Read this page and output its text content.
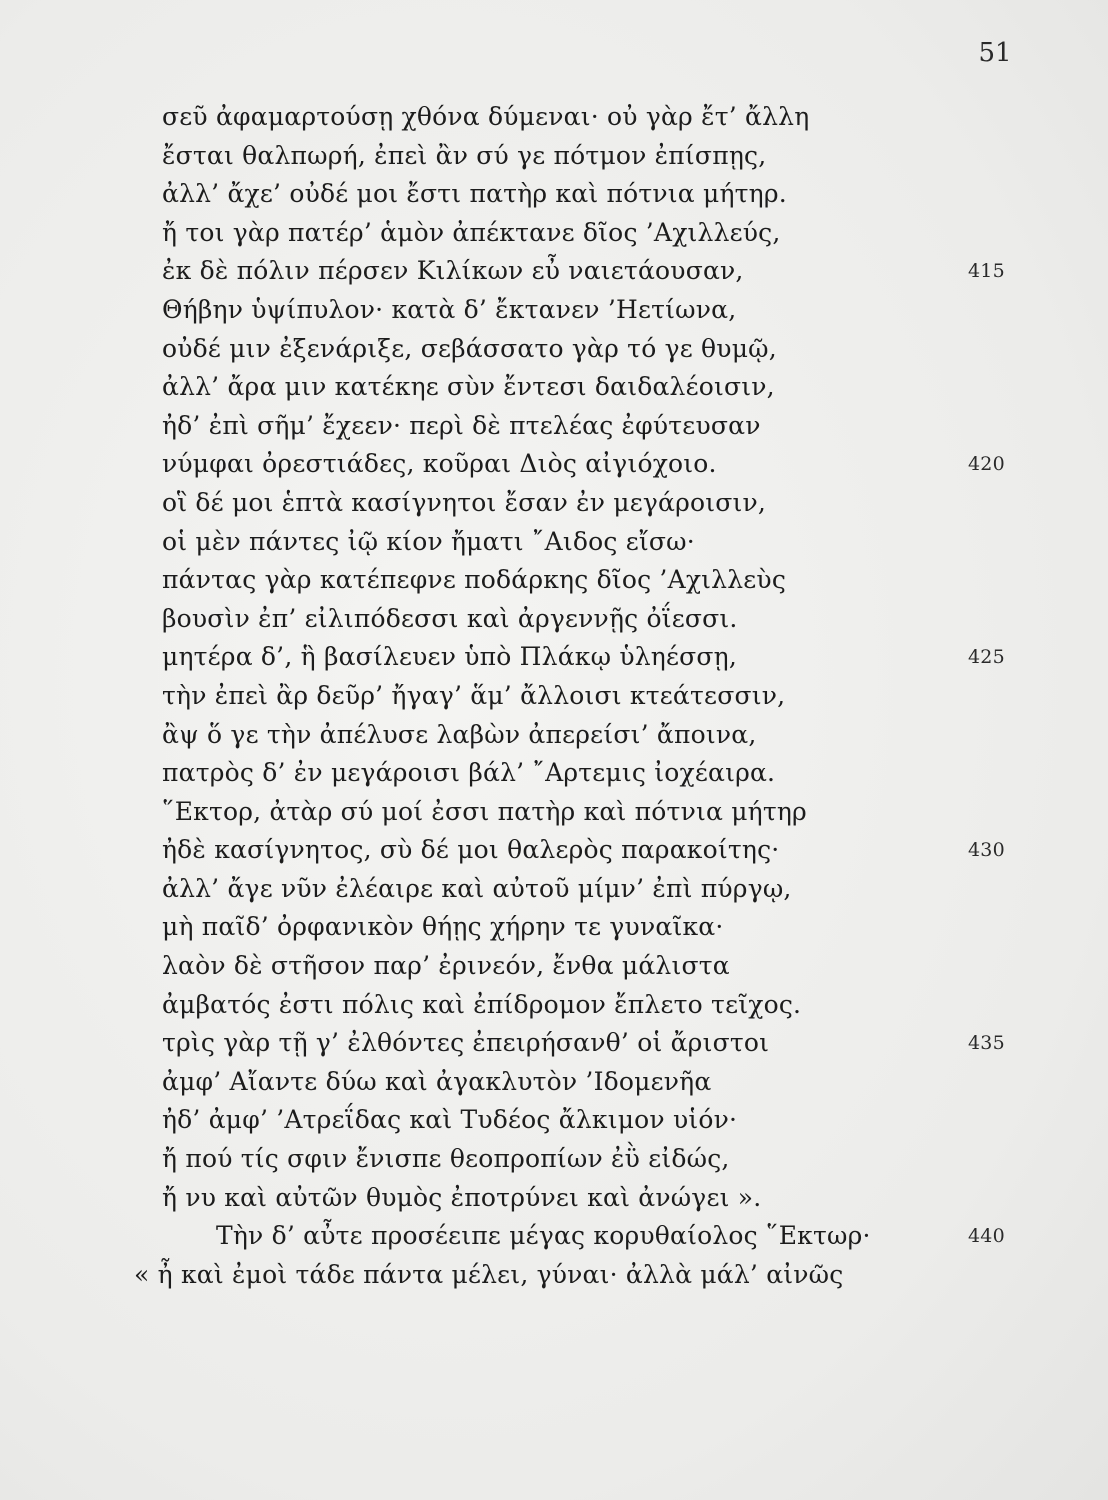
51
σεῦ ἀφαμαρτούσῃ χθόνα δύμεναι· οὐ γὰρ ἔτ’ ἄλλη
ἔσται θαλπωρή, ἐπεὶ ἂν σύ γε πότμον ἐπίσπῃς,
ἀλλ’ ἄχε’ οὐδέ μοι ἔστι πατὴρ καὶ πότνια μήτηρ.
ἤ τοι γὰρ πατέρ’ ἁμὸν ἀπέκτανε δῖος ’Αχιλλεύς,
ἐκ δὲ πόλιν πέρσεν Κιλίκων εὖ ναιετάουσαν,	415
Θήβην ὑψίπυλον· κατὰ δ’ ἔκτανεν ’Ηετίωνα,
οὐδέ μιν ἐξενάριξε, σεβάσσατο γὰρ τό γε θυμῷ,
ἀλλ’ ἄρα μιν κατέκηε σὺν ἔντεσι δαιδαλέοισιν,
ἠδ’ ἐπὶ σῆμ’ ἔχεεν· περὶ δὲ πτελέας ἐφύτευσαν
νύμφαι ὀρεστιάδες, κοῦραι Διὸς αἰγιόχοιο.	420
οἳ δέ μοι ἑπτὰ κασίγνητοι ἔσαν ἐν μεγάροισιν,
οἱ μὲν πάντες ἰῷ κίον ἤματι ῎Αιδος εἴσω·
πάντας γὰρ κατέπεφνε ποδάρκης δῖος ’Αχιλλεὺς
βουσὶν ἐπ’ εἰλιπόδεσσι καὶ ἀργεννῇς ὀΐεσσι.
μητέρα δ’, ἣ βασίλευεν ὑπὸ Πλάκῳ ὑληέσσῃ,	425
τὴν ἐπεὶ ἂρ δεῦρ’ ἤγαγ’ ἅμ’ ἄλλοισι κτεάτεσσιν,
ἂψ ὅ γε τὴν ἀπέλυσε λαβὼν ἀπερείσι’ ἄποινα,
πατρὸς δ’ ἐν μεγάροισι βάλ’ ῎Αρτεμις ἰοχέαιρα.
῞Εκτορ, ἀτὰρ σύ μοί ἐσσι πατὴρ καὶ πότνια μήτηρ
ἠδὲ κασίγνητος, σὺ δέ μοι θαλερὸς παρακοίτης·	430
ἀλλ’ ἄγε νῦν ἐλέαιρε καὶ αὐτοῦ μίμν’ ἐπὶ πύργῳ,
μὴ παῖδ’ ὀρφανικὸν θήῃς χήρην τε γυναῖκα·
λαὸν δὲ στῆσον παρ’ ἐρινεόν, ἔνθα μάλιστα
ἀμβατός ἐστι πόλις καὶ ἐπίδρομον ἔπλετο τεῖχος.
τρὶς γὰρ τῇ γ’ ἐλθόντες ἐπειρήσανθ’ οἱ ἄριστοι	435
ἀμφ’ Αἴαντε δύω καὶ ἀγακλυτὸν ’Ιδομενῆα
ἠδ’ ἀμφ’ ’Ατρεΐδας καὶ Τυδέος ἄλκιμον υἱόν·
ἤ πού τίς σφιν ἔνισπε θεοπροπίων ἐῢ εἰδώς,
ἤ νυ καὶ αὐτῶν θυμὸς ἐποτρύνει καὶ ἀνώγει ».
Τὴν δ’ αὖτε προσέειπε μέγας κορυθαίολος ῞Εκτωρ·	440
« ἦ καὶ ἐμοὶ τάδε πάντα μέλει, γύναι· ἀλλὰ μάλ’ αἰνῶς
